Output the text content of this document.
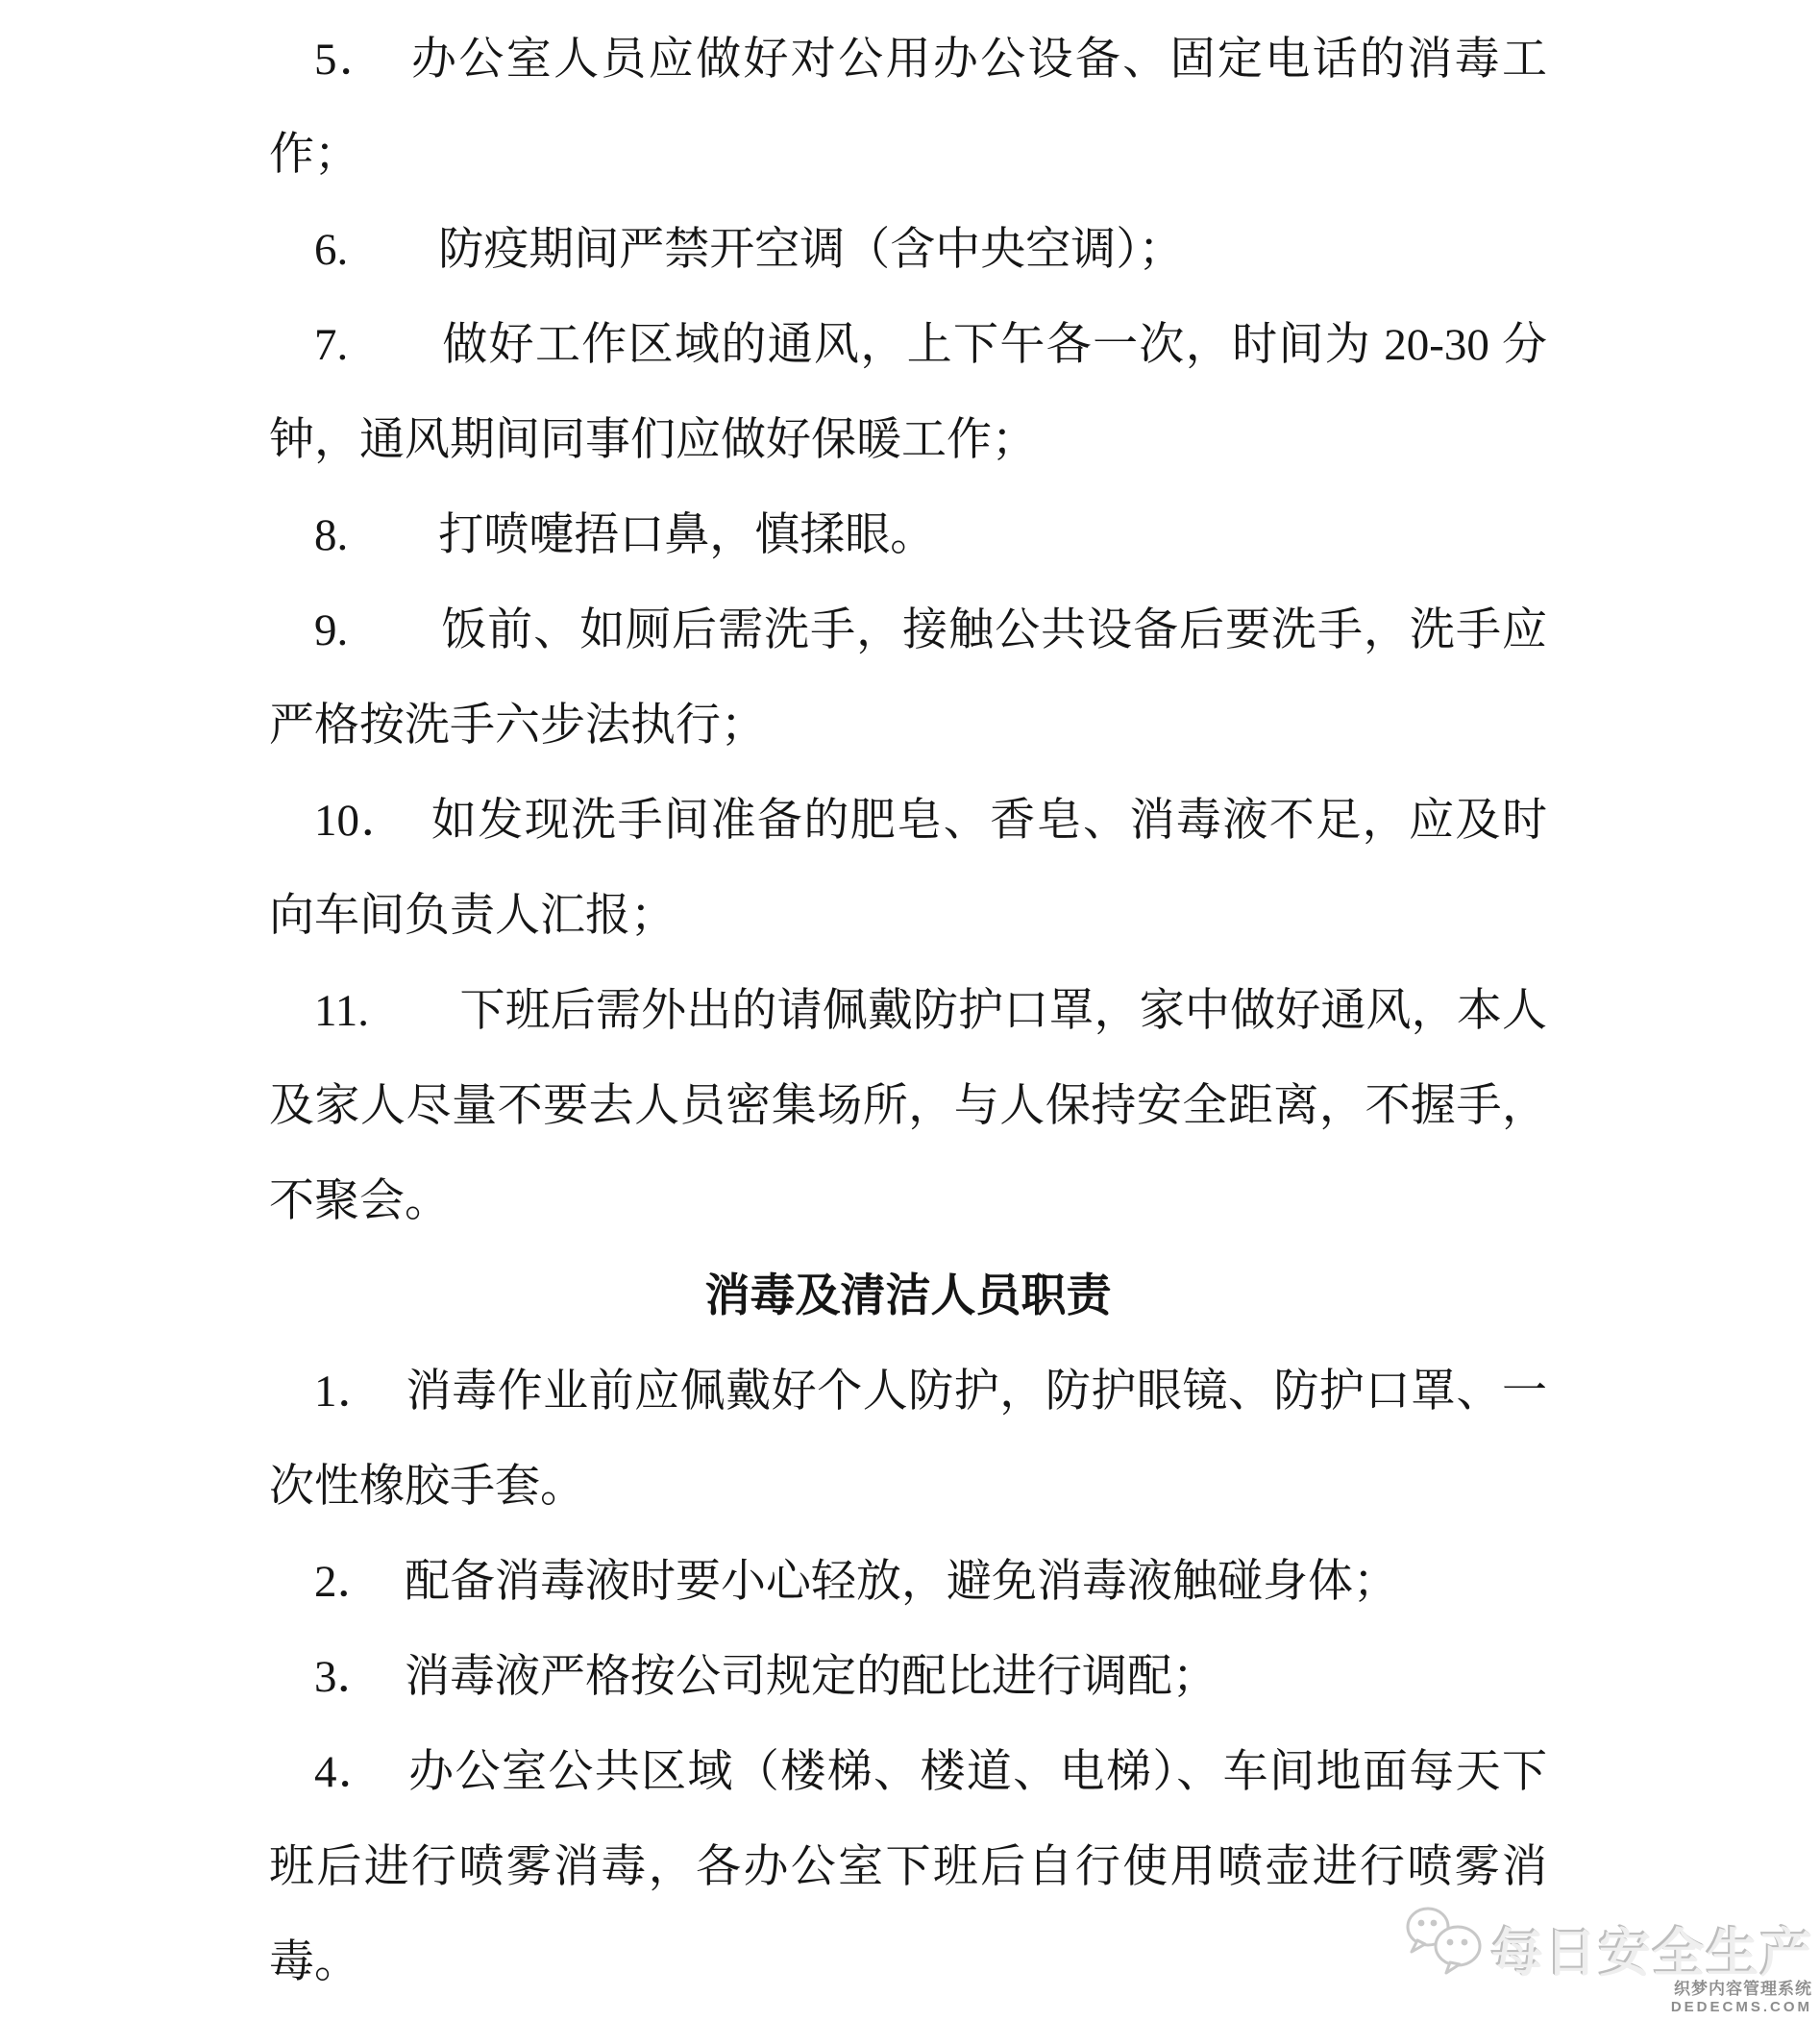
5．　办公室人员应做好对公用办公设备、固定电话的消毒工作；

6.　　防疫期间严禁开空调（含中央空调）；

7.　　做好工作区域的通风，上下午各一次，时间为 20-30 分钟，通风期间同事们应做好保暖工作；

8.　　打喷嚏捂口鼻，慎揉眼。

9.　　饭前、如厕后需洗手，接触公共设备后要洗手，洗手应严格按洗手六步法执行；

10．　如发现洗手间准备的肥皂、香皂、消毒液不足，应及时向车间负责人汇报；

11.　　下班后需外出的请佩戴防护口罩，家中做好通风，本人及家人尽量不要去人员密集场所，与人保持安全距离，不握手，不聚会。

消毒及清洁人员职责

1．　消毒作业前应佩戴好个人防护，防护眼镜、防护口罩、一次性橡胶手套。

2．　配备消毒液时要小心轻放，避免消毒液触碰身体；

3．　消毒液严格按公司规定的配比进行调配；

4．　办公室公共区域（楼梯、楼道、电梯）、车间地面每天下班后进行喷雾消毒，各办公室下班后自行使用喷壶进行喷雾消毒。	每日安全生产
织梦内容管理系统
DEDECMS.COM
